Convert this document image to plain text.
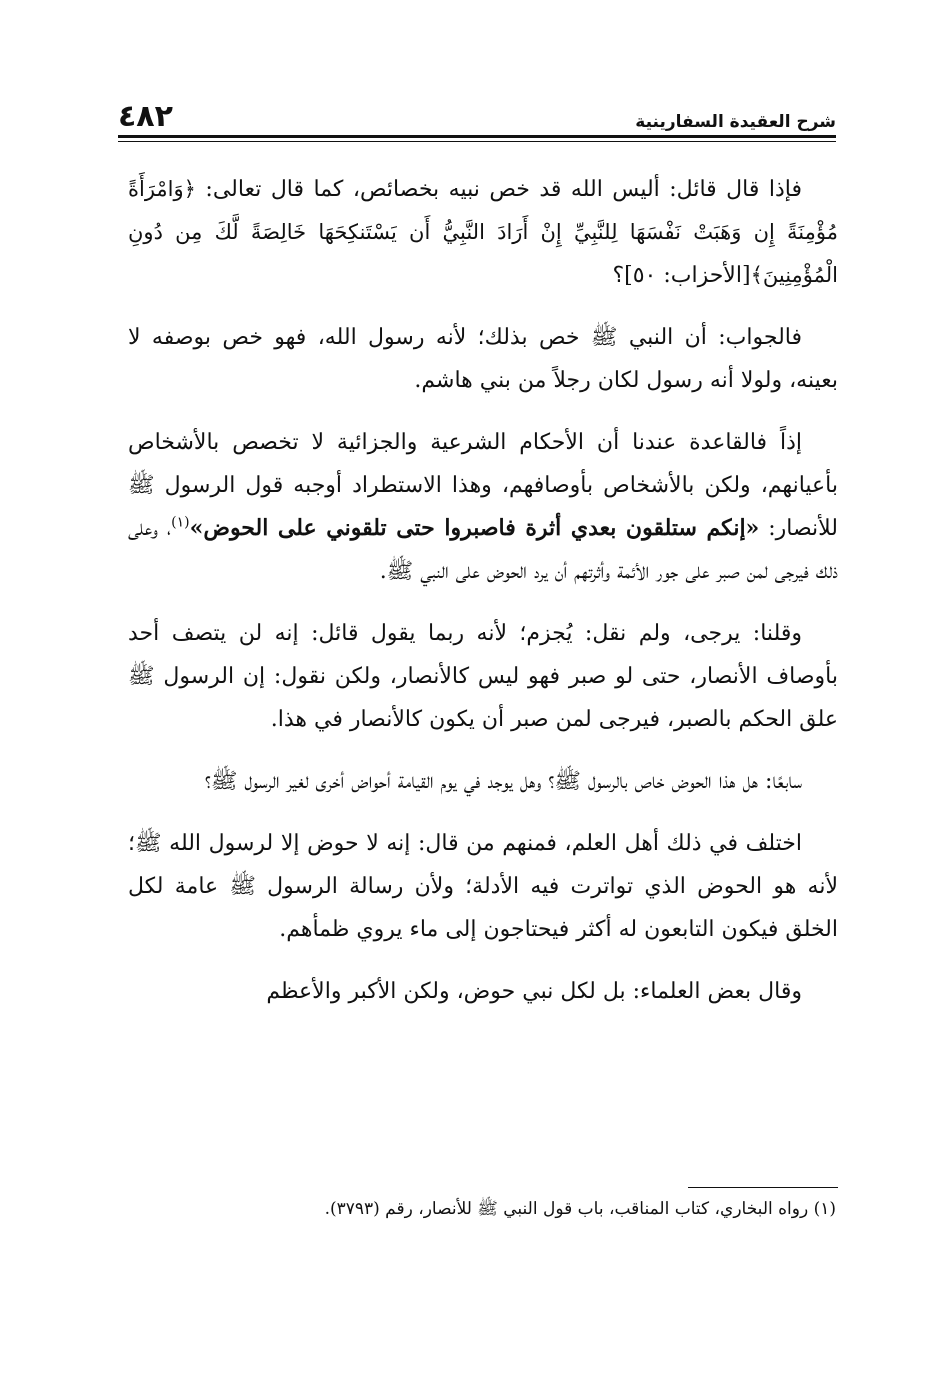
شرح العقيدة السفارينية
٤٨٢

فإذا قال قائل: أليس الله قد خص نبيه بخصائص، كما قال تعالى: ﴿وَامْرَأَةً مُؤْمِنَةً إِن وَهَبَتْ نَفْسَهَا لِلنَّبِيِّ إِنْ أَرَادَ النَّبِيُّ أَن يَسْتَنكِحَهَا خَالِصَةً لَّكَ مِن دُونِ الْمُؤْمِنِينَ﴾[الأحزاب: ٥٠]؟

فالجواب: أن النبي ﷺ خص بذلك؛ لأنه رسول الله، فهو خص بوصفه لا بعينه، ولولا أنه رسول لكان رجلاً من بني هاشم.

إذاً فالقاعدة عندنا أن الأحكام الشرعية والجزائية لا تخصص بالأشخاص بأعيانهم، ولكن بالأشخاص بأوصافهم، وهذا الاستطراد أوجبه قول الرسول ﷺ للأنصار: «إنكم ستلقون بعدي أثرة فاصبروا حتى تلقوني على الحوض»$^{(١)}$، وعلى ذلك فيرجى لمن صبر على جور الأئمة وأثرتهم أن يرد الحوض على النبي ﷺ.

وقلنا: يرجى، ولم نقل: يُجزم؛ لأنه ربما يقول قائل: إنه لن يتصف أحد بأوصاف الأنصار، حتى لو صبر فهو ليس كالأنصار، ولكن نقول: إن الرسول ﷺ علق الحكم بالصبر، فيرجى لمن صبر أن يكون كالأنصار في هذا.

سابعًا: هل هذا الحوض خاص بالرسول ﷺ؟ وهل يوجد في يوم القيامة أحواض أخرى لغير الرسول ﷺ؟

اختلف في ذلك أهل العلم، فمنهم من قال: إنه لا حوض إلا لرسول الله ﷺ؛ لأنه هو الحوض الذي تواترت فيه الأدلة؛ ولأن رسالة الرسول ﷺ عامة لكل الخلق فيكون التابعون له أكثر فيحتاجون إلى ماء يروي ظمأهم.

وقال بعض العلماء: بل لكل نبي حوض، ولكن الأكبر والأعظم

(١) رواه البخاري، كتاب المناقب، باب قول النبي ﷺ للأنصار، رقم (٣٧٩٣).
